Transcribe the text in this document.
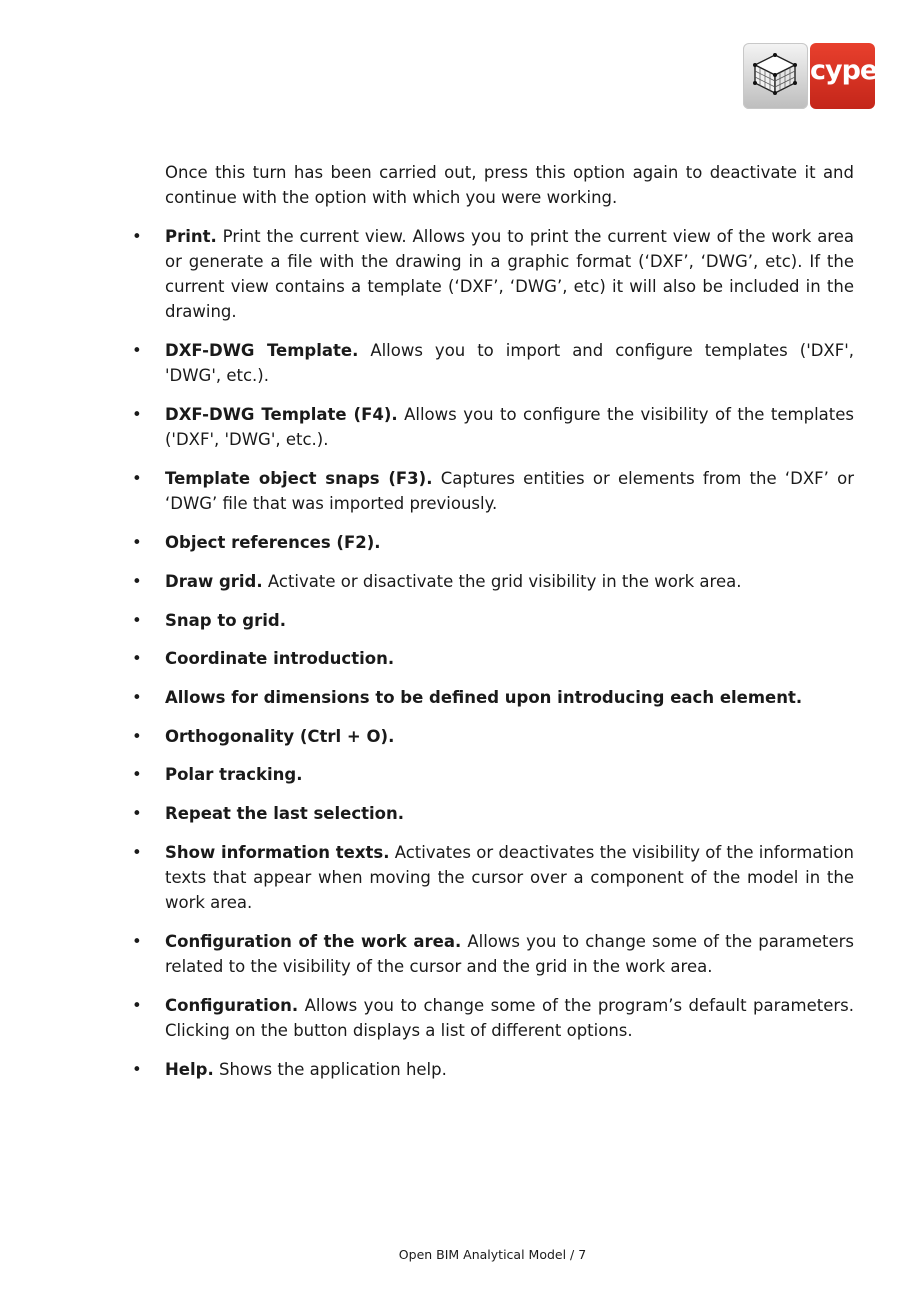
cype

Once this turn has been carried out, press this option again to deactivate it and continue with the option with which you were working.

• Print. Print the current view. Allows you to print the current view of the work area or generate a file with the drawing in a graphic format (‘DXF’, ‘DWG’, etc). If the current view contains a template (‘DXF’, ‘DWG’, etc) it will also be included in the drawing.

• DXF-DWG Template. Allows you to import and configure templates ('DXF', 'DWG', etc.).

• DXF-DWG Template (F4). Allows you to configure the visibility of the templates ('DXF', 'DWG', etc.).

• Template object snaps (F3). Captures entities or elements from the ‘DXF’ or ‘DWG’ file that was imported previously.

• Object references (F2).

• Draw grid. Activate or disactivate the grid visibility in the work area.

• Snap to grid.

• Coordinate introduction.

• Allows for dimensions to be defined upon introducing each element.

• Orthogonality (Ctrl + O).

• Polar tracking.

• Repeat the last selection.

• Show information texts. Activates or deactivates the visibility of the information texts that appear when moving the cursor over a component of the model in the work area.

• Configuration of the work area. Allows you to change some of the parameters related to the visibility of the cursor and the grid in the work area.

• Configuration. Allows you to change some of the program’s default parameters. Clicking on the button displays a list of different options.

• Help. Shows the application help.

Open BIM Analytical Model / 7
